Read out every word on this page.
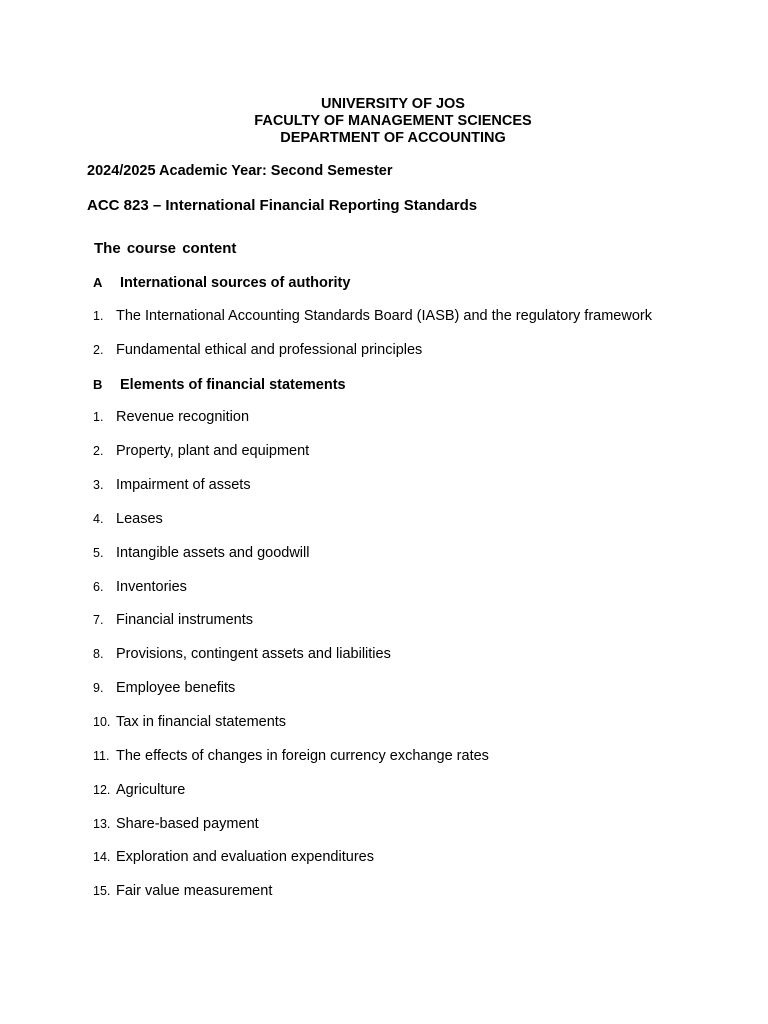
UNIVERSITY OF JOS
FACULTY OF MANAGEMENT SCIENCES
DEPARTMENT OF ACCOUNTING
2024/2025 Academic Year: Second Semester
ACC 823 – International Financial Reporting Standards
The course content
A International sources of authority
1. The International Accounting Standards Board (IASB) and the regulatory framework
2. Fundamental ethical and professional principles
B Elements of financial statements
1. Revenue recognition
2. Property, plant and equipment
3. Impairment of assets
4. Leases
5. Intangible assets and goodwill
6. Inventories
7. Financial instruments
8. Provisions, contingent assets and liabilities
9. Employee benefits
10. Tax in financial statements
11. The effects of changes in foreign currency exchange rates
12. Agriculture
13. Share-based payment
14. Exploration and evaluation expenditures
15. Fair value measurement
